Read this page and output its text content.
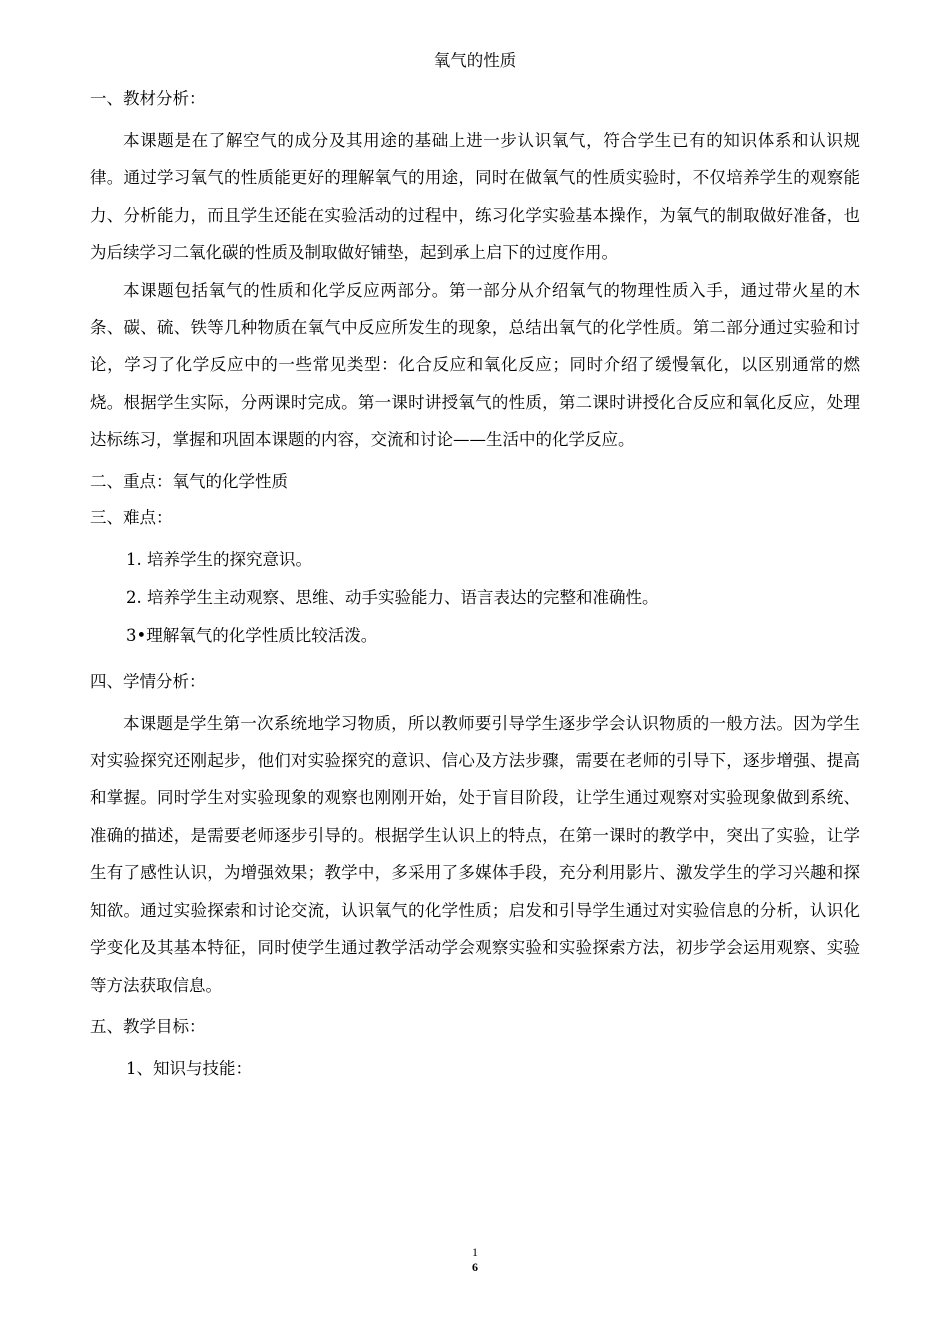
氧气的性质

一、教材分析：

本课题是在了解空气的成分及其用途的基础上进一步认识氧气，符合学生已有的知识体系和认识规律。通过学习氧气的性质能更好的理解氧气的用途，同时在做氧气的性质实验时，不仅培养学生的观察能力、分析能力，而且学生还能在实验活动的过程中，练习化学实验基本操作，为氧气的制取做好准备，也为后续学习二氧化碳的性质及制取做好铺垫，起到承上启下的过度作用。

本课题包括氧气的性质和化学反应两部分。第一部分从介绍氧气的物理性质入手，通过带火星的木条、碳、硫、铁等几种物质在氧气中反应所发生的现象，总结出氧气的化学性质。第二部分通过实验和讨论，学习了化学反应中的一些常见类型：化合反应和氧化反应；同时介绍了缓慢氧化，以区别通常的燃烧。根据学生实际，分两课时完成。第一课时讲授氧气的性质，第二课时讲授化合反应和氧化反应，处理达标练习，掌握和巩固本课题的内容，交流和讨论——生活中的化学反应。

二、重点：氧气的化学性质

三、难点：

1. 培养学生的探究意识。

2. 培养学生主动观察、思维、动手实验能力、语言表达的完整和准确性。

3•理解氧气的化学性质比较活泼。

四、学情分析：

本课题是学生第一次系统地学习物质，所以教师要引导学生逐步学会认识物质的一般方法。因为学生对实验探究还刚起步，他们对实验探究的意识、信心及方法步骤，需要在老师的引导下，逐步增强、提高和掌握。同时学生对实验现象的观察也刚刚开始，处于盲目阶段，让学生通过观察对实验现象做到系统、准确的描述，是需要老师逐步引导的。根据学生认识上的特点，在第一课时的教学中，突出了实验，让学生有了感性认识，为增强效果；教学中，多采用了多媒体手段，充分利用影片、激发学生的学习兴趣和探知欲。通过实验探索和讨论交流，认识氧气的化学性质；启发和引导学生通过对实验信息的分析，认识化学变化及其基本特征，同时使学生通过教学活动学会观察实验和实验探索方法，初步学会运用观察、实验等方法获取信息。

五、教学目标：

1、知识与技能：

1
6
